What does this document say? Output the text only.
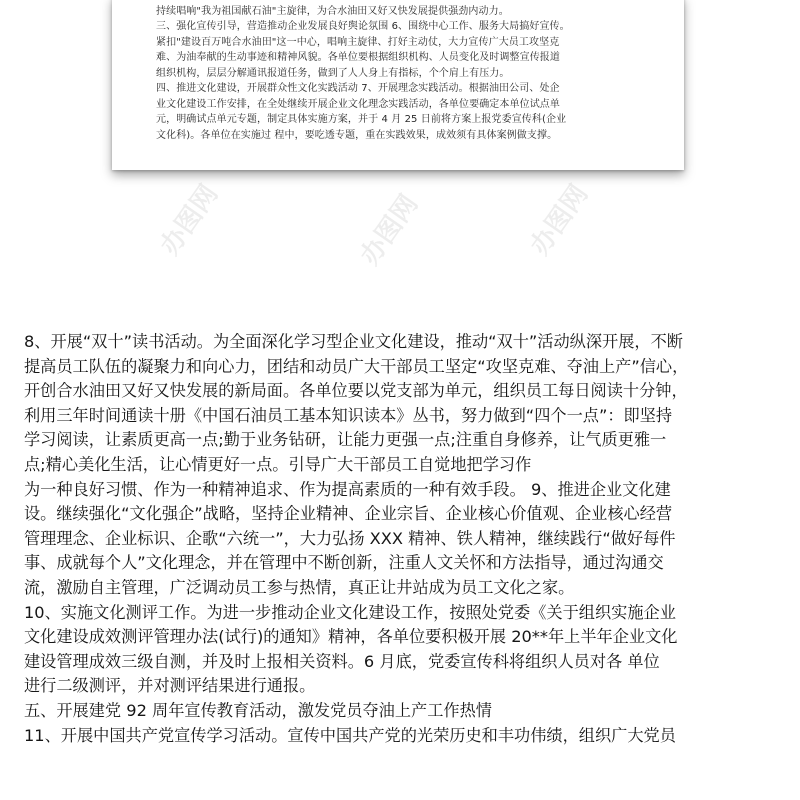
办图网	办图网	办图网
持续唱响"我为祖国献石油"主旋律，为合水油田又好又快发展提供强劲内动力。
三、强化宣传引导，营造推动企业发展良好舆论氛围 6、围绕中心工作、服务大局搞好宣传。
紧扣"建设百万吨合水油田"这一中心，唱响主旋律、打好主动仗，大力宣传广大员工攻坚克
难、为油奉献的生动事迹和精神风貌。各单位要根据组织机构、人员变化及时调整宣传报道
组织机构，层层分解通讯报道任务，做到了人人身上有指标，个个肩上有压力。
四、推进文化建设，开展群众性文化实践活动 7、开展理念实践活动。根据油田公司、处企
业文化建设工作安排，在全处继续开展企业文化理念实践活动，各单位要确定本单位试点单
元，明确试点单元专题，制定具体实施方案，并于 4 月 25 日前将方案上报党委宣传科(企业
文化科)。各单位在实施过 程中，要吃透专题，重在实践效果，成效须有具体案例做支撑。
8、开展“双十”读书活动。为全面深化学习型企业文化建设，推动“双十”活动纵深开展，不断
提高员工队伍的凝聚力和向心力，团结和动员广大干部员工坚定“攻坚克难、夺油上产”信心，
开创合水油田又好又快发展的新局面。各单位要以党支部为单元，组织员工每日阅读十分钟，
利用三年时间通读十册《中国石油员工基本知识读本》丛书，努力做到“四个一点”：即坚持
学习阅读，让素质更高一点;勤于业务钻研，让能力更强一点;注重自身修养，让气质更雅一
点;精心美化生活，让心情更好一点。引导广大干部员工自觉地把学习作
为一种良好习惯、作为一种精神追求、作为提高素质的一种有效手段。 9、推进企业文化建
设。继续强化“文化强企”战略，坚持企业精神、企业宗旨、企业核心价值观、企业核心经营
管理理念、企业标识、企歌“六统一”，大力弘扬 XXX 精神、铁人精神，继续践行“做好每件
事、成就每个人”文化理念，并在管理中不断创新，注重人文关怀和方法指导，通过沟通交
流，激励自主管理，广泛调动员工参与热情，真正让井站成为员工文化之家。
10、实施文化测评工作。为进一步推动企业文化建设工作，按照处党委《关于组织实施企业
文化建设成效测评管理办法(试行)的通知》精神，各单位要积极开展 20**年上半年企业文化
建设管理成效三级自测，并及时上报相关资料。6 月底，党委宣传科将组织人员对各 单位
进行二级测评，并对测评结果进行通报。
五、开展建党 92 周年宣传教育活动，激发党员夺油上产工作热情
11、开展中国共产党宣传学习活动。宣传中国共产党的光荣历史和丰功伟绩，组织广大党员
